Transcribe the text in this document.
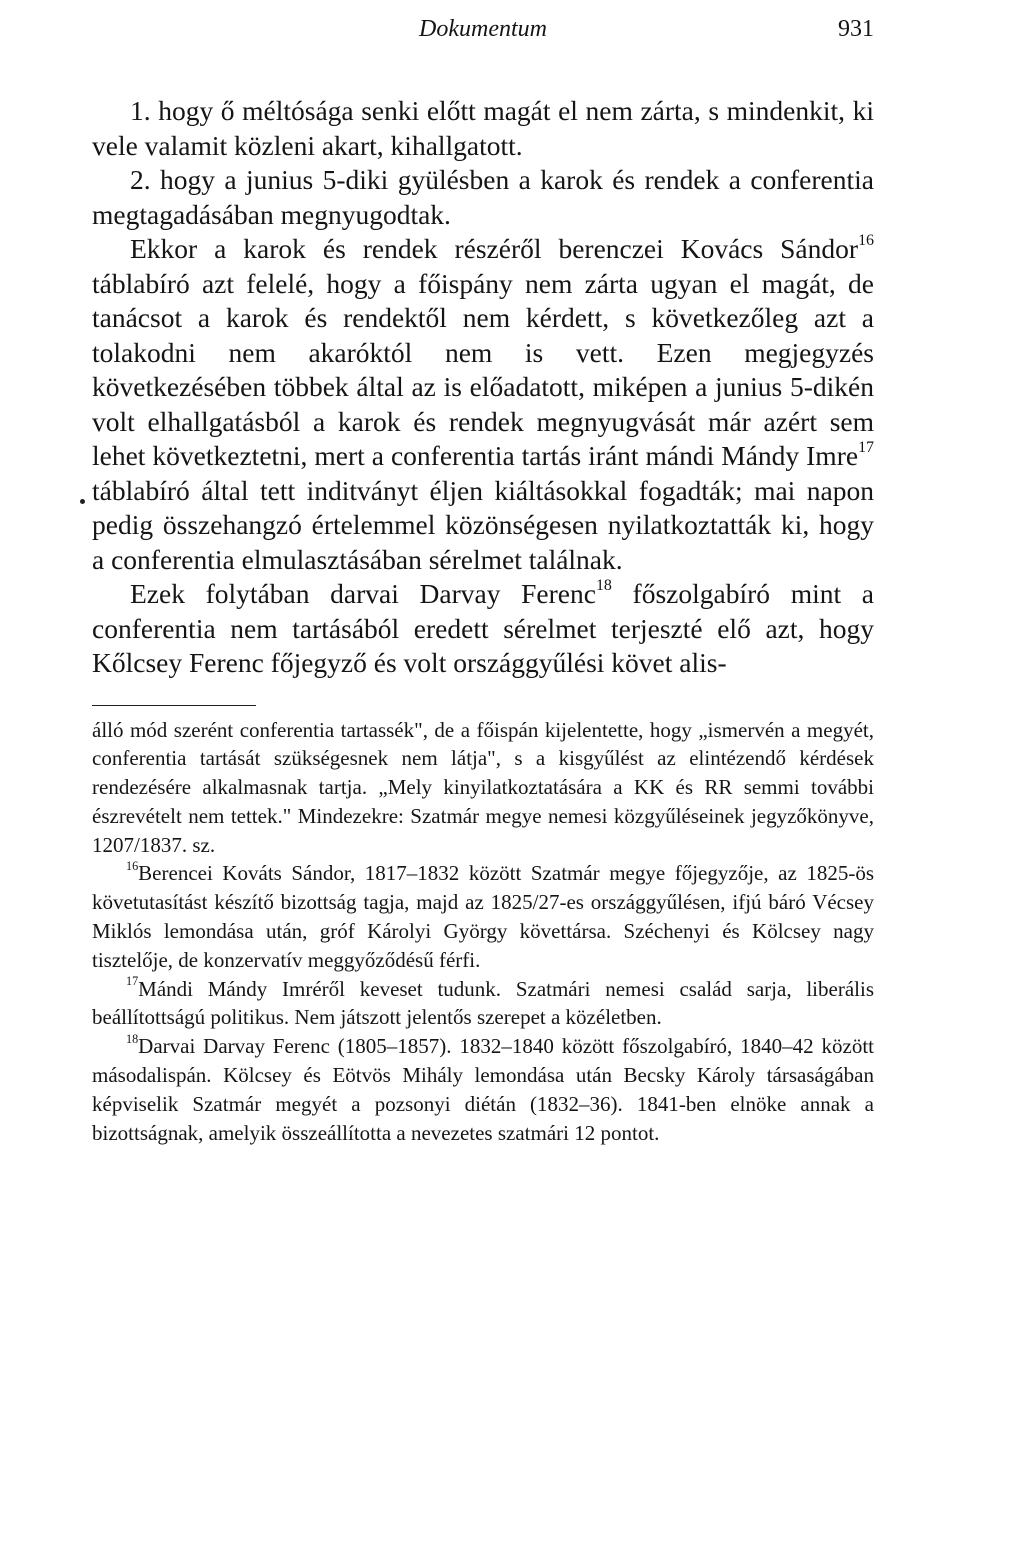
Dokumentum	931

1. hogy ő méltósága senki előtt magát el nem zárta, s mindenkit, ki vele valamit közleni akart, kihallgatott.

2. hogy a junius 5-diki gyülésben a karok és rendek a conferentia megtagadásában megnyugodtak.

Ekkor a karok és rendek részéről berenczei Kovács Sándor$^{16}$ táblabíró azt felelé, hogy a főispány nem zárta ugyan el magát, de tanácsot a karok és rendektől nem kérdett, s következőleg azt a tolakodni nem akaróktól nem is vett. Ezen megjegyzés következésében többek által az is előadatott, miképen a junius 5-dikén volt elhallgatásból a karok és rendek megnyugvását már azért sem lehet következtetni, mert a conferentia tartás iránt mándi Mándy Imre$^{17}$ táblabíró által tett inditványt éljen kiáltásokkal fogadták; mai napon pedig összehangzó értelemmel közönségesen nyilatkoztatták ki, hogy a conferentia elmulasztásában sérelmet találnak.

Ezek folytában darvai Darvay Ferenc$^{18}$ főszolgabíró mint a conferentia nem tartásából eredett sérelmet terjeszté elő azt, hogy Kőlcsey Ferenc főjegyző és volt országgyűlési követ alis-

álló mód szerént conferentia tartassék", de a főispán kijelentette, hogy „ismervén a megyét, conferentia tartását szükségesnek nem látja", s a kisgyűlést az elintézendő kérdések rendezésére alkalmasnak tartja. „Mely kinyilatkoztatására a KK és RR semmi további észrevételt nem tettek." Mindezekre: Szatmár megye nemesi közgyűléseinek jegyzőkönyve, 1207/1837. sz.

$^{16}$Berencei Kováts Sándor, 1817–1832 között Szatmár megye főjegyzője, az 1825-ös követutasítást készítő bizottság tagja, majd az 1825/27-es országgyűlésen, ifjú báró Vécsey Miklós lemondása után, gróf Károlyi György követtársa. Széchenyi és Kölcsey nagy tisztelője, de konzervatív meggyőződésű férfi.

$^{17}$Mándi Mándy Imréről keveset tudunk. Szatmári nemesi család sarja, liberális beállítottságú politikus. Nem játszott jelentős szerepet a közéletben.

$^{18}$Darvai Darvay Ferenc (1805–1857). 1832–1840 között főszolgabíró, 1840–42 között másodalispán. Kölcsey és Eötvös Mihály lemondása után Becsky Károly társaságában képviselik Szatmár megyét a pozsonyi diétán (1832–36). 1841-ben elnöke annak a bizottságnak, amelyik összeállította a nevezetes szatmári 12 pontot.
